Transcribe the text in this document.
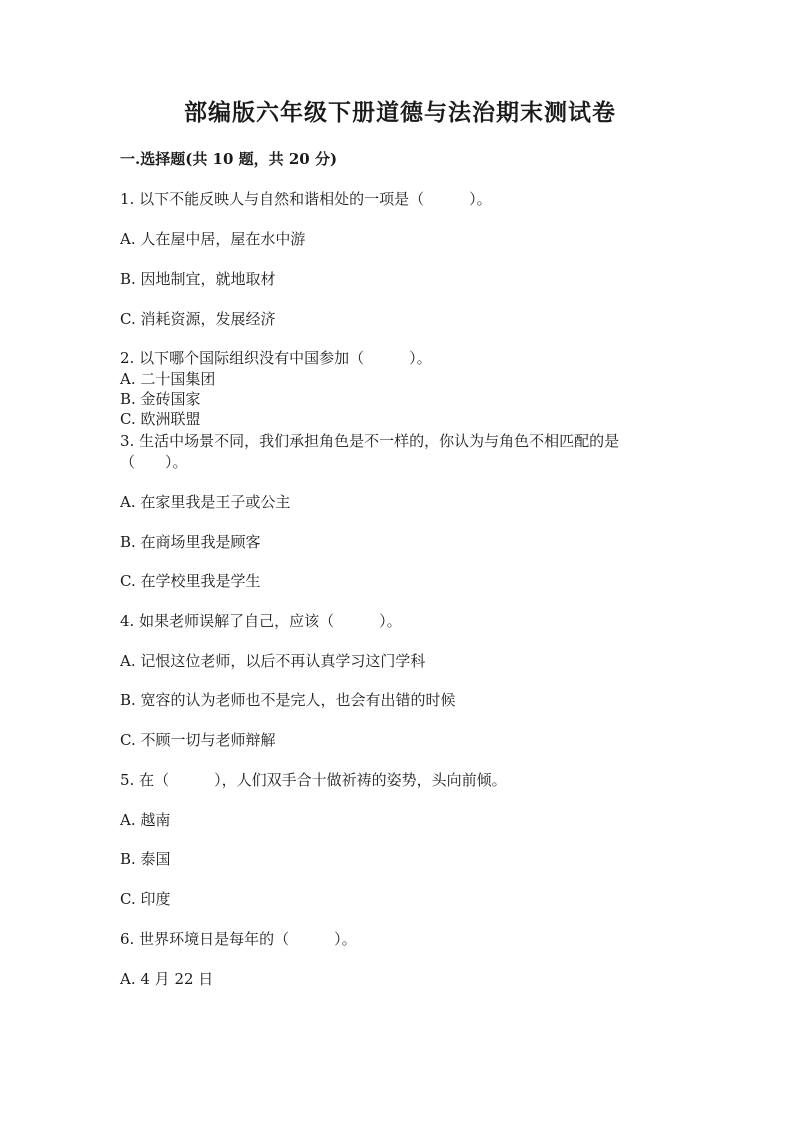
部编版六年级下册道德与法治期末测试卷
一.选择题(共 10 题，共 20 分)
1. 以下不能反映人与自然和谐相处的一项是（　　　）。
A. 人在屋中居，屋在水中游
B. 因地制宜，就地取材
C. 消耗资源，发展经济
2. 以下哪个国际组织没有中国参加（　　　）。
A. 二十国集团
B. 金砖国家
C. 欧洲联盟
3. 生活中场景不同，我们承担角色是不一样的，你认为与角色不相匹配的是
（　　）。
A. 在家里我是王子或公主
B. 在商场里我是顾客
C. 在学校里我是学生
4. 如果老师误解了自己，应该（　　　）。
A. 记恨这位老师，以后不再认真学习这门学科
B. 宽容的认为老师也不是完人，也会有出错的时候
C. 不顾一切与老师辩解
5. 在（　　　），人们双手合十做祈祷的姿势，头向前倾。
A. 越南
B. 泰国
C. 印度
6. 世界环境日是每年的（　　　）。
A. 4 月 22 日
